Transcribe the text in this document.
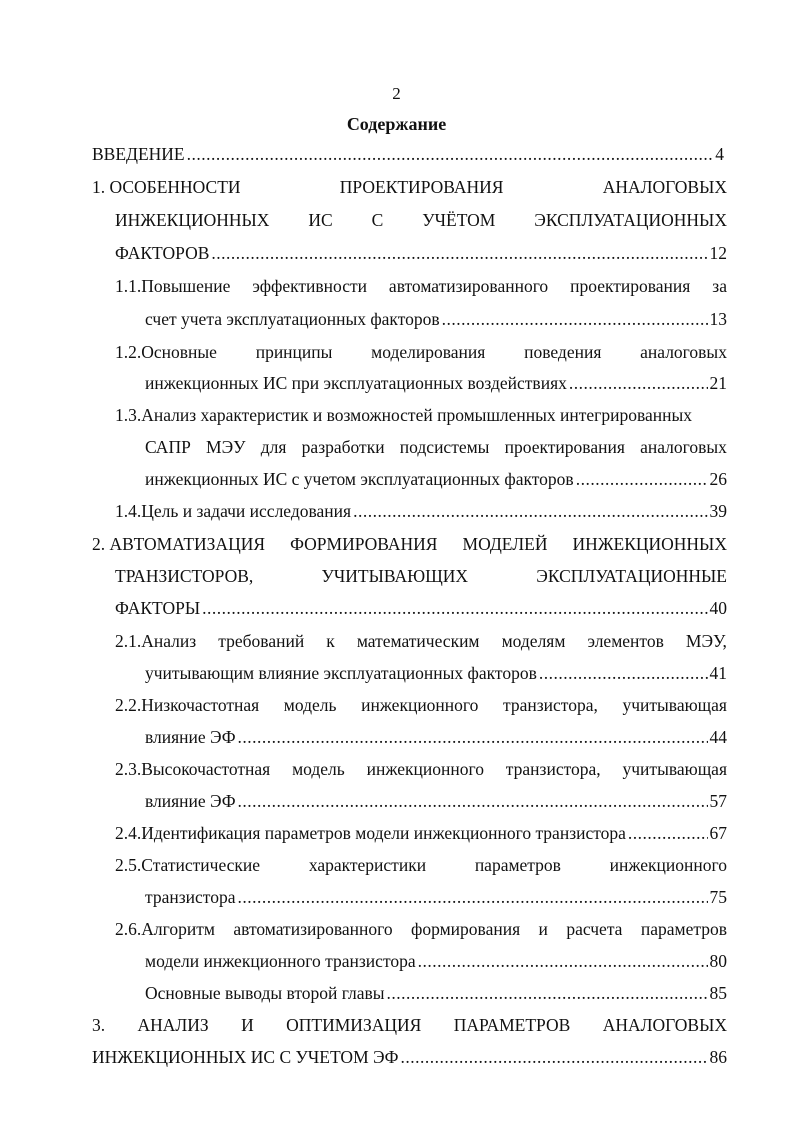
2
Содержание
ВВЕДЕНИЕ .....	4
1. ОСОБЕННОСТИ	ПРОЕКТИРОВАНИЯ	АНАЛОГОВЫХ
ИНЖЕКЦИОННЫХ ИС С УЧЁТОМ ЭКСПЛУАТАЦИОННЫХ
ФАКТОРОВ .....	12
1.1.Повышение эффективности автоматизированного проектирования за
счет учета эксплуатационных факторов .....	13
1.2.Основные принципы моделирования поведения аналоговых
инжекционных ИС при эксплуатационных воздействиях .....	21
1.3.Анализ характеристик и возможностей промышленных интегрированных
САПР МЭУ для разработки подсистемы проектирования аналоговых
инжекционных ИС с учетом эксплуатационных факторов .....	26
1.4.Цель и задачи исследования .....	39
2. АВТОМАТИЗАЦИЯ ФОРМИРОВАНИЯ МОДЕЛЕЙ ИНЖЕКЦИОННЫХ
ТРАНЗИСТОРОВ,	УЧИТЫВАЮЩИХ	ЭКСПЛУАТАЦИОННЫЕ
ФАКТОРЫ .....	40
2.1.Анализ требований к математическим моделям элементов МЭУ,
учитывающим влияние эксплуатационных факторов .....	41
2.2.Низкочастотная модель инжекционного транзистора, учитывающая
влияние ЭФ .....	44
2.3.Высокочастотная модель инжекционного транзистора, учитывающая
влияние ЭФ .....	57
2.4.Идентификация параметров модели инжекционного транзистора .....	67
2.5.Статистические	характеристики	параметров	инжекционного
транзистора .....	75
2.6.Алгоритм автоматизированного формирования и расчета параметров
модели инжекционного транзистора .....	80
Основные выводы второй главы .....	85
3. АНАЛИЗ И ОПТИМИЗАЦИЯ ПАРАМЕТРОВ АНАЛОГОВЫХ
ИНЖЕКЦИОННЫХ ИС С УЧЕТОМ ЭФ .....	86
